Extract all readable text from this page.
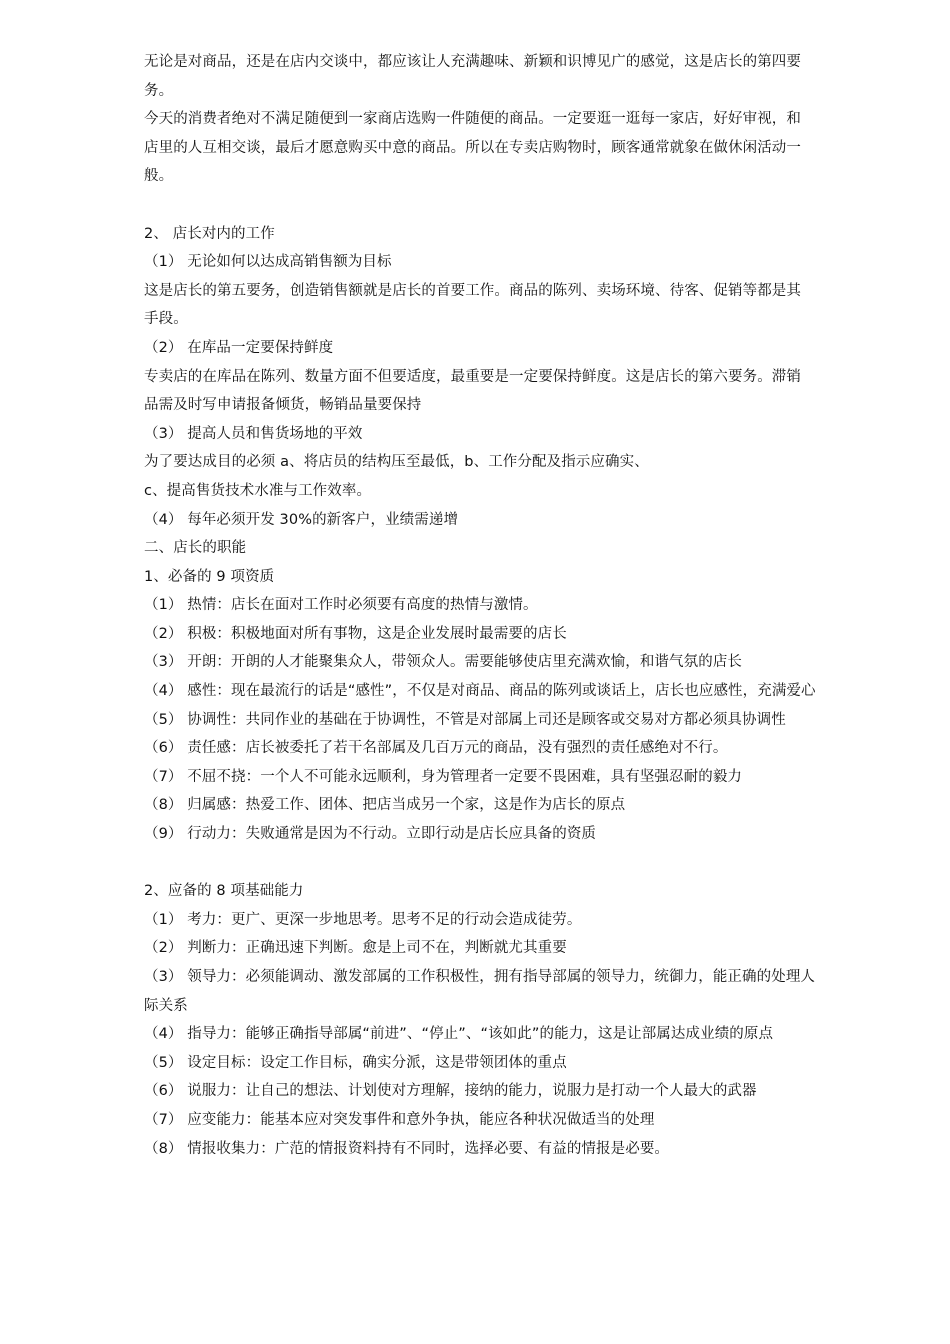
无论是对商品，还是在店内交谈中，都应该让人充满趣味、新颖和识博见广的感觉，这是店长的第四要
务。
今天的消费者绝对不满足随便到一家商店选购一件随便的商品。一定要逛一逛每一家店，好好审视，和
店里的人互相交谈，最后才愿意购买中意的商品。所以在专卖店购物时，顾客通常就象在做休闲活动一
般。
2、 店长对内的工作
（1） 无论如何以达成高销售额为目标
这是店长的第五要务，创造销售额就是店长的首要工作。商品的陈列、卖场环境、待客、促销等都是其
手段。
（2） 在库品一定要保持鲜度
专卖店的在库品在陈列、数量方面不但要适度，最重要是一定要保持鲜度。这是店长的第六要务。滞销
品需及时写申请报备倾货，畅销品量要保持
（3） 提高人员和售货场地的平效
为了要达成目的必须 a、将店员的结构压至最低，b、工作分配及指示应确实、
c、提高售货技术水准与工作效率。
（4） 每年必须开发 30%的新客户，业绩需递增
二、店长的职能
1、必备的 9 项资质
（1） 热情：店长在面对工作时必须要有高度的热情与激情。
（2） 积极：积极地面对所有事物，这是企业发展时最需要的店长
（3） 开朗：开朗的人才能聚集众人，带领众人。需要能够使店里充满欢愉，和谐气氛的店长
（4） 感性：现在最流行的话是“感性”，不仅是对商品、商品的陈列或谈话上，店长也应感性，充满爱心
（5） 协调性：共同作业的基础在于协调性，不管是对部属上司还是顾客或交易对方都必须具协调性
（6） 责任感：店长被委托了若干名部属及几百万元的商品，没有强烈的责任感绝对不行。
（7） 不屈不挠：一个人不可能永远顺利，身为管理者一定要不畏困难，具有坚强忍耐的毅力
（8） 归属感：热爱工作、团体、把店当成另一个家，这是作为店长的原点
（9） 行动力：失败通常是因为不行动。立即行动是店长应具备的资质
2、应备的 8 项基础能力
（1） 考力：更广、更深一步地思考。思考不足的行动会造成徒劳。
（2） 判断力：正确迅速下判断。愈是上司不在，判断就尤其重要
（3） 领导力：必须能调动、激发部属的工作积极性，拥有指导部属的领导力，统御力，能正确的处理人
际关系
（4） 指导力：能够正确指导部属“前进”、“停止”、“该如此”的能力，这是让部属达成业绩的原点
（5） 设定目标：设定工作目标，确实分派，这是带领团体的重点
（6） 说服力：让自己的想法、计划使对方理解，接纳的能力，说服力是打动一个人最大的武器
（7） 应变能力：能基本应对突发事件和意外争执，能应各种状况做适当的处理
（8） 情报收集力：广范的情报资料持有不同时，选择必要、有益的情报是必要。
